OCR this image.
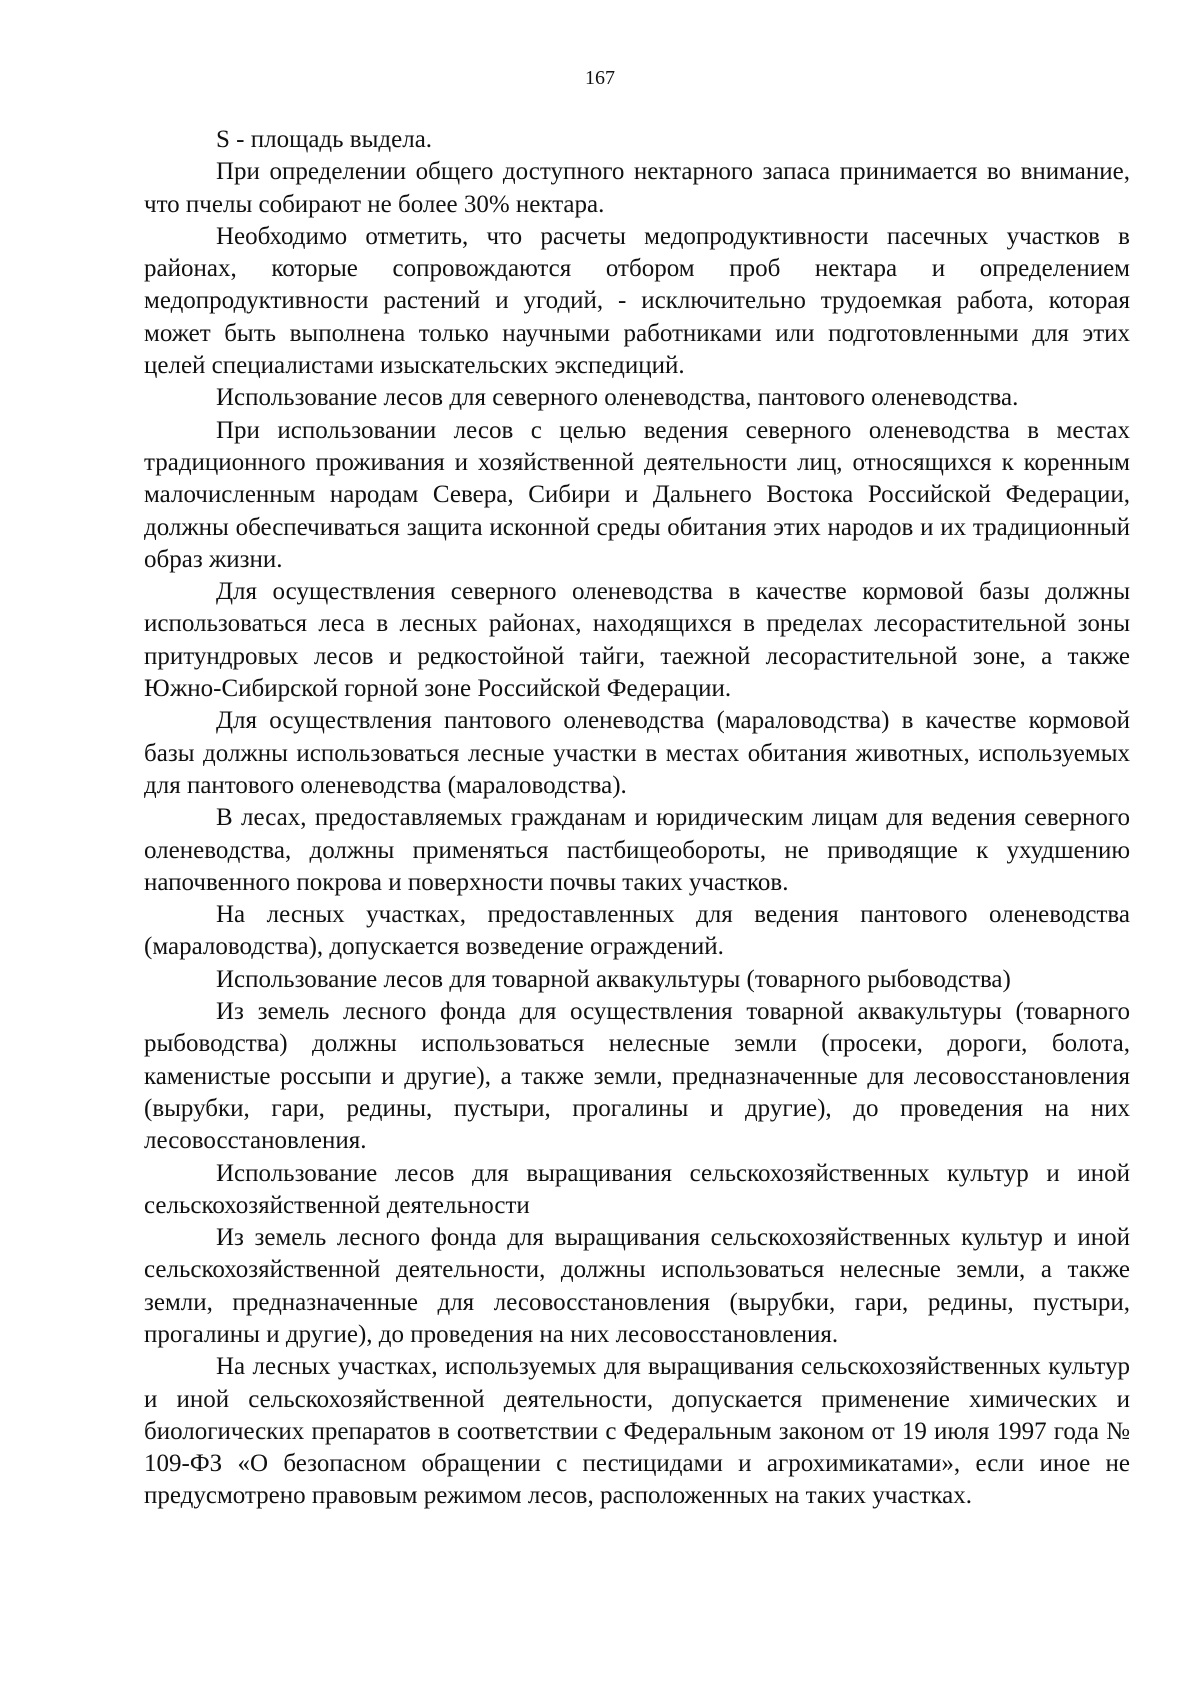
167

S - площадь выдела.

При определении общего доступного нектарного запаса принимается во внимание, что пчелы собирают не более 30% нектара.

Необходимо отметить, что расчеты медопродуктивности пасечных участков в районах, которые сопровождаются отбором проб нектара и определением медопродуктивности растений и угодий, - исключительно трудоемкая работа, которая может быть выполнена только научными работниками или подготовленными для этих целей специалистами изыскательских экспедиций.

Использование лесов для северного оленеводства, пантового оленеводства.

При использовании лесов с целью ведения северного оленеводства в местах традиционного проживания и хозяйственной деятельности лиц, относящихся к коренным малочисленным народам Севера, Сибири и Дальнего Востока Российской Федерации, должны обеспечиваться защита исконной среды обитания этих народов и их традиционный образ жизни.

Для осуществления северного оленеводства в качестве кормовой базы должны использоваться леса в лесных районах, находящихся в пределах лесорастительной зоны притундровых лесов и редкостойной тайги, таежной лесорастительной зоне, а также Южно-Сибирской горной зоне Российской Федерации.

Для осуществления пантового оленеводства (мараловодства) в качестве кормовой базы должны использоваться лесные участки в местах обитания животных, используемых для пантового оленеводства (мараловодства).

В лесах, предоставляемых гражданам и юридическим лицам для ведения северного оленеводства, должны применяться пастбищеобороты, не приводящие к ухудшению напочвенного покрова и поверхности почвы таких участков.

На лесных участках, предоставленных для ведения пантового оленеводства (мараловодства), допускается возведение ограждений.

Использование лесов для товарной аквакультуры (товарного рыбоводства)

Из земель лесного фонда для осуществления товарной аквакультуры (товарного рыбоводства) должны использоваться нелесные земли (просеки, дороги, болота, каменистые россыпи и другие), а также земли, предназначенные для лесовосстановления (вырубки, гари, редины, пустыри, прогалины и другие), до проведения на них лесовосстановления.

Использование лесов для выращивания сельскохозяйственных культур и иной сельскохозяйственной деятельности

Из земель лесного фонда для выращивания сельскохозяйственных культур и иной сельскохозяйственной деятельности, должны использоваться нелесные земли, а также земли, предназначенные для лесовосстановления (вырубки, гари, редины, пустыри, прогалины и другие), до проведения на них лесовосстановления.

На лесных участках, используемых для выращивания сельскохозяйственных культур и иной сельскохозяйственной деятельности, допускается применение химических и биологических препаратов в соответствии с Федеральным законом от 19 июля 1997 года № 109-ФЗ «О безопасном обращении с пестицидами и агрохимикатами», если иное не предусмотрено правовым режимом лесов, расположенных на таких участках.
